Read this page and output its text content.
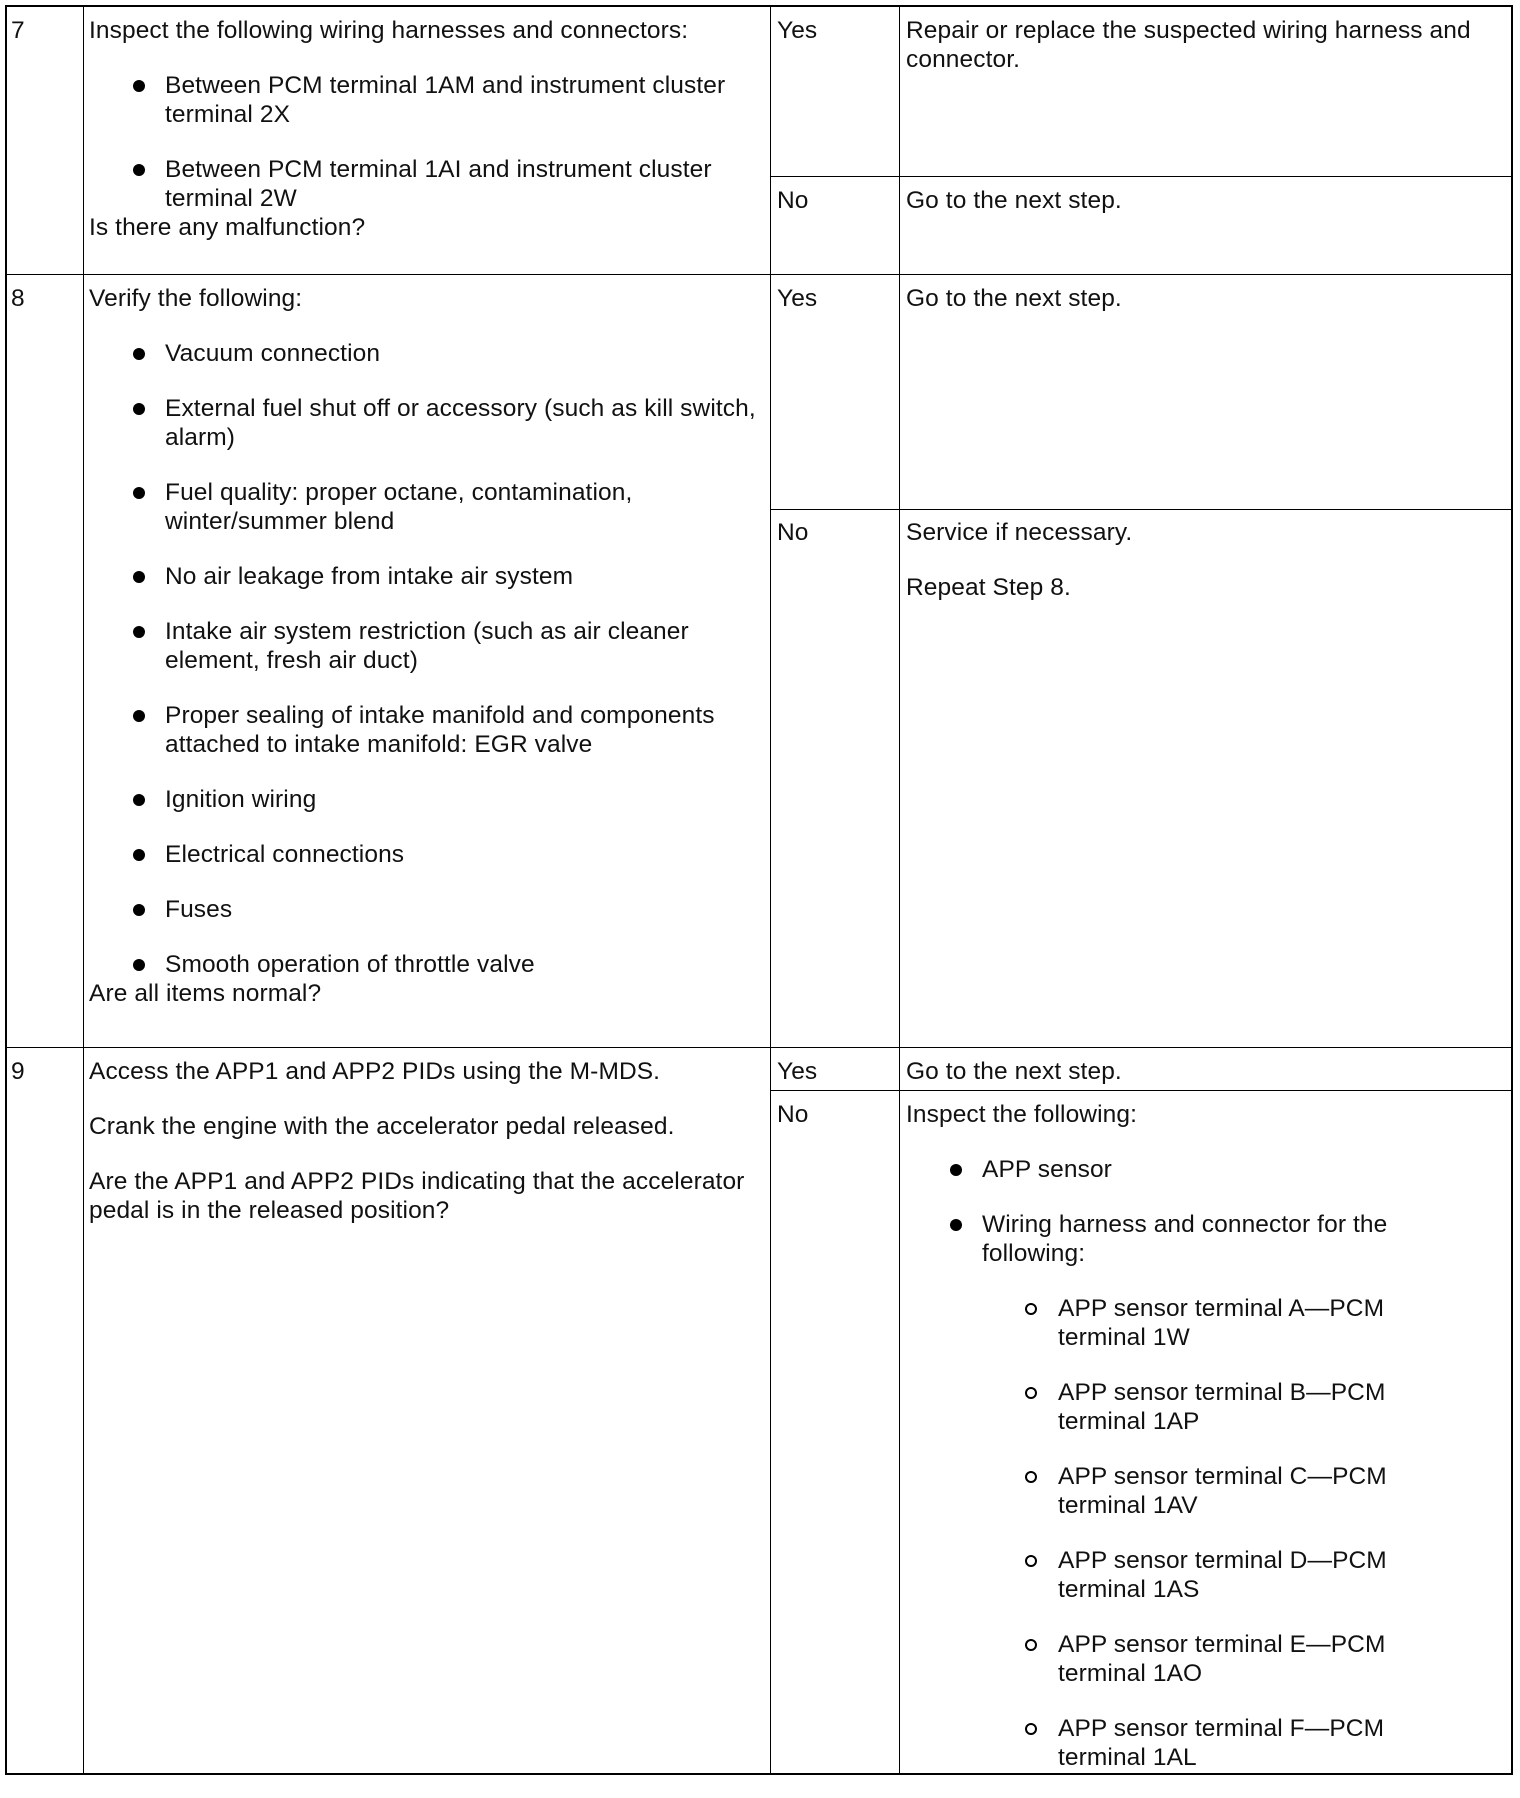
7	Inspect the following wiring harnesses and connectors:

Between PCM terminal 1AM and instrument cluster terminal 2X
Between PCM terminal 1AI and instrument cluster terminal 2W

Is there any malfunction?

Yes	Repair or replace the suspected wiring harness and connector.
No	Go to the next step.
8	Verify the following:

Vacuum connection
External fuel shut off or accessory (such as kill switch, alarm)
Fuel quality: proper octane, contamination, winter/summer blend
No air leakage from intake air system
Intake air system restriction (such as air cleaner element, fresh air duct)
Proper sealing of intake manifold and components attached to intake manifold: EGR valve
Ignition wiring
Electrical connections
Fuses
Smooth operation of throttle valve

Are all items normal?

Yes	Go to the next step.
No	Service if necessary.

Repeat Step 8.

9	Access the APP1 and APP2 PIDs using the M-MDS.

Crank the engine with the accelerator pedal released.

Are the APP1 and APP2 PIDs indicating that the accelerator pedal is in the released position?

Yes	Go to the next step.
No	Inspect the following:

APP sensor
Wiring harness and connector for the following:
APP sensor terminal A—PCM terminal 1W
APP sensor terminal B—PCM terminal 1AP
APP sensor terminal C—PCM terminal 1AV
APP sensor terminal D—PCM terminal 1AS
APP sensor terminal E—PCM terminal 1AO
APP sensor terminal F—PCM terminal 1AL
